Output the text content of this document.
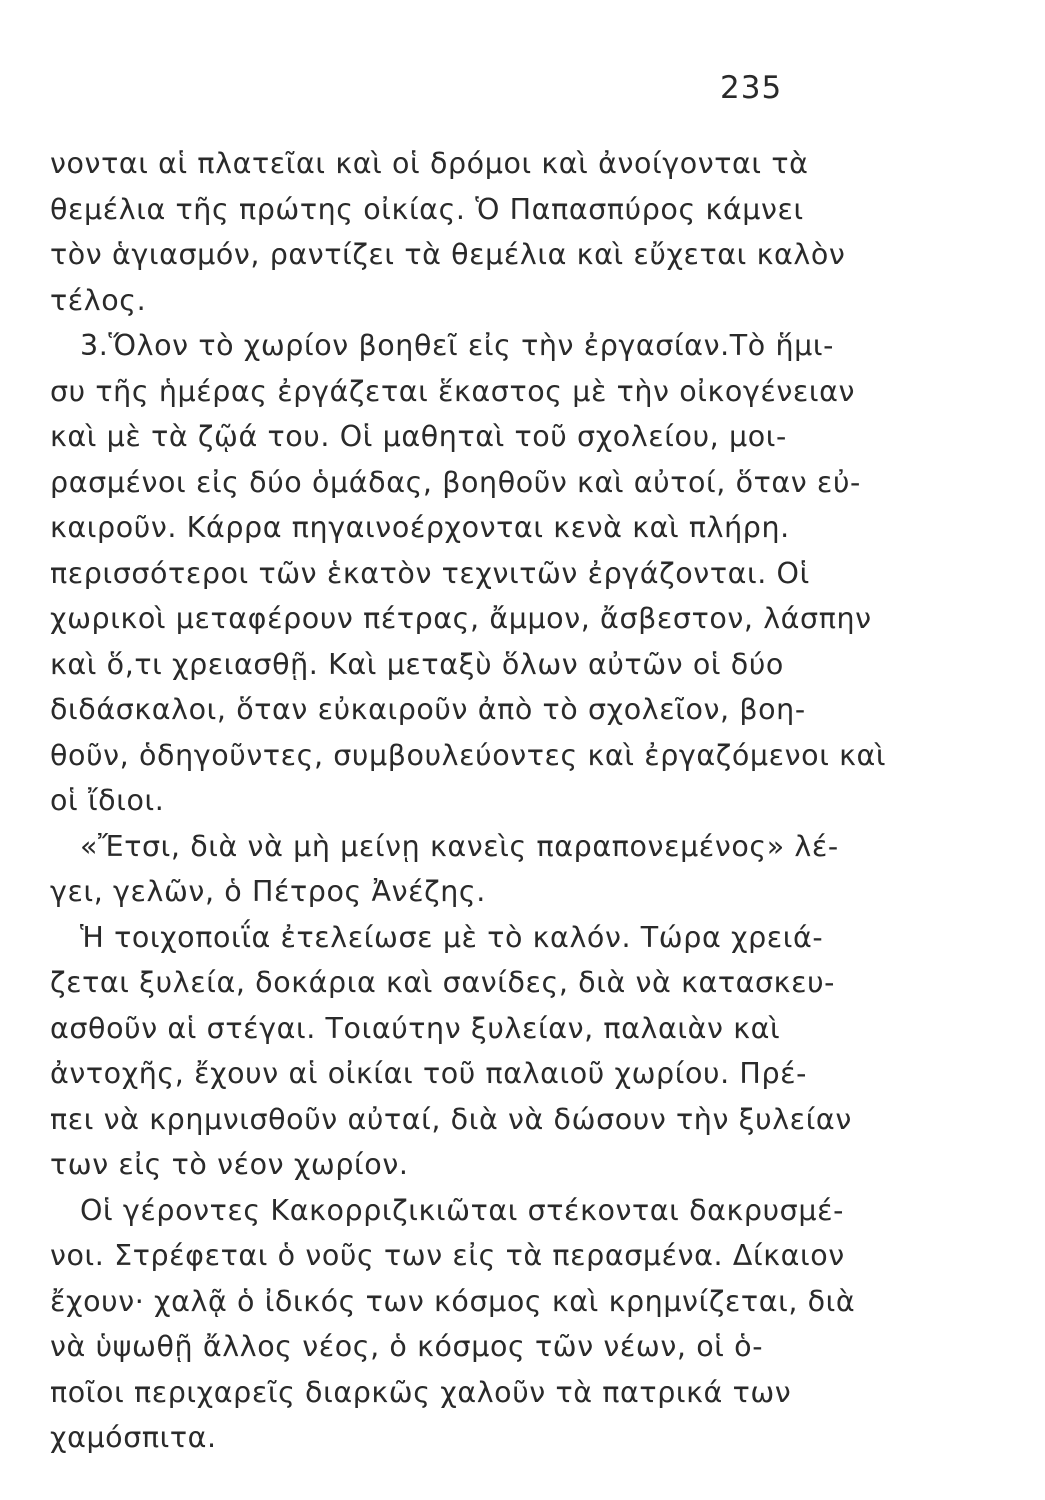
235
νονται αἱ πλατεῖαι καὶ οἱ δρόμοι καὶ ἀνοίγονται τὰ
θεμέλια τῆς πρώτης οἰκίας. Ὁ Παπασπύρος κάμνει
τὸν ἁγιασμόν, ραντίζει τὰ θεμέλια καὶ εὔχεται καλὸν
τέλος.
3.Ὅλον τὸ χωρίον βοηθεῖ εἰς τὴν ἐργασίαν.Τὸ ἥμι-
συ τῆς ἡμέρας ἐργάζεται ἕκαστος μὲ τὴν οἰκογένειαν
καὶ μὲ τὰ ζῷά του. Οἱ μαθηταὶ τοῦ σχολείου, μοι-
ρασμένοι εἰς δύο ὁμάδας, βοηθοῦν καὶ αὐτοί, ὅταν εὐ-
καιροῦν. Κάρρα πηγαινοέρχονται κενὰ καὶ πλήρη.
περισσότεροι τῶν ἑκατὸν τεχνιτῶν ἐργάζονται. Οἱ
χωρικοὶ μεταφέρουν πέτρας, ἄμμον, ἄσβεστον, λάσπην
καὶ ὅ,τι χρειασθῇ. Καὶ μεταξὺ ὅλων αὐτῶν οἱ δύο
διδάσκαλοι, ὅταν εὐκαιροῦν ἀπὸ τὸ σχολεῖον, βοη-
θοῦν, ὁδηγοῦντες, συμβουλεύοντες καὶ ἐργαζόμενοι καὶ
οἱ ἴδιοι.
«Ἔτσι, διὰ νὰ μὴ μείνῃ κανεὶς παραπονεμένος» λέ-
γει, γελῶν, ὁ Πέτρος Ἀνέζης.
Ἡ τοιχοποιΐα ἐτελείωσε μὲ τὸ καλόν. Τώρα χρειά-
ζεται ξυλεία, δοκάρια καὶ σανίδες, διὰ νὰ κατασκευ-
ασθοῦν αἱ στέγαι. Τοιαύτην ξυλείαν, παλαιὰν καὶ
ἀντοχῆς, ἔχουν αἱ οἰκίαι τοῦ παλαιοῦ χωρίου. Πρέ-
πει νὰ κρημνισθοῦν αὐταί, διὰ νὰ δώσουν τὴν ξυλείαν
των εἰς τὸ νέον χωρίον.
Οἱ γέροντες Κακορριζικιῶται στέκονται δακρυσμέ-
νοι. Στρέφεται ὁ νοῦς των εἰς τὰ περασμένα. Δίκαιον
ἔχουν· χαλᾷ ὁ ἰδικός των κόσμος καὶ κρημνίζεται, διὰ
νὰ ὑψωθῇ ἄλλος νέος, ὁ κόσμος τῶν νέων, οἱ ὁ-
ποῖοι περιχαρεῖς διαρκῶς χαλοῦν τὰ πατρικά των
χαμόσπιτα.
